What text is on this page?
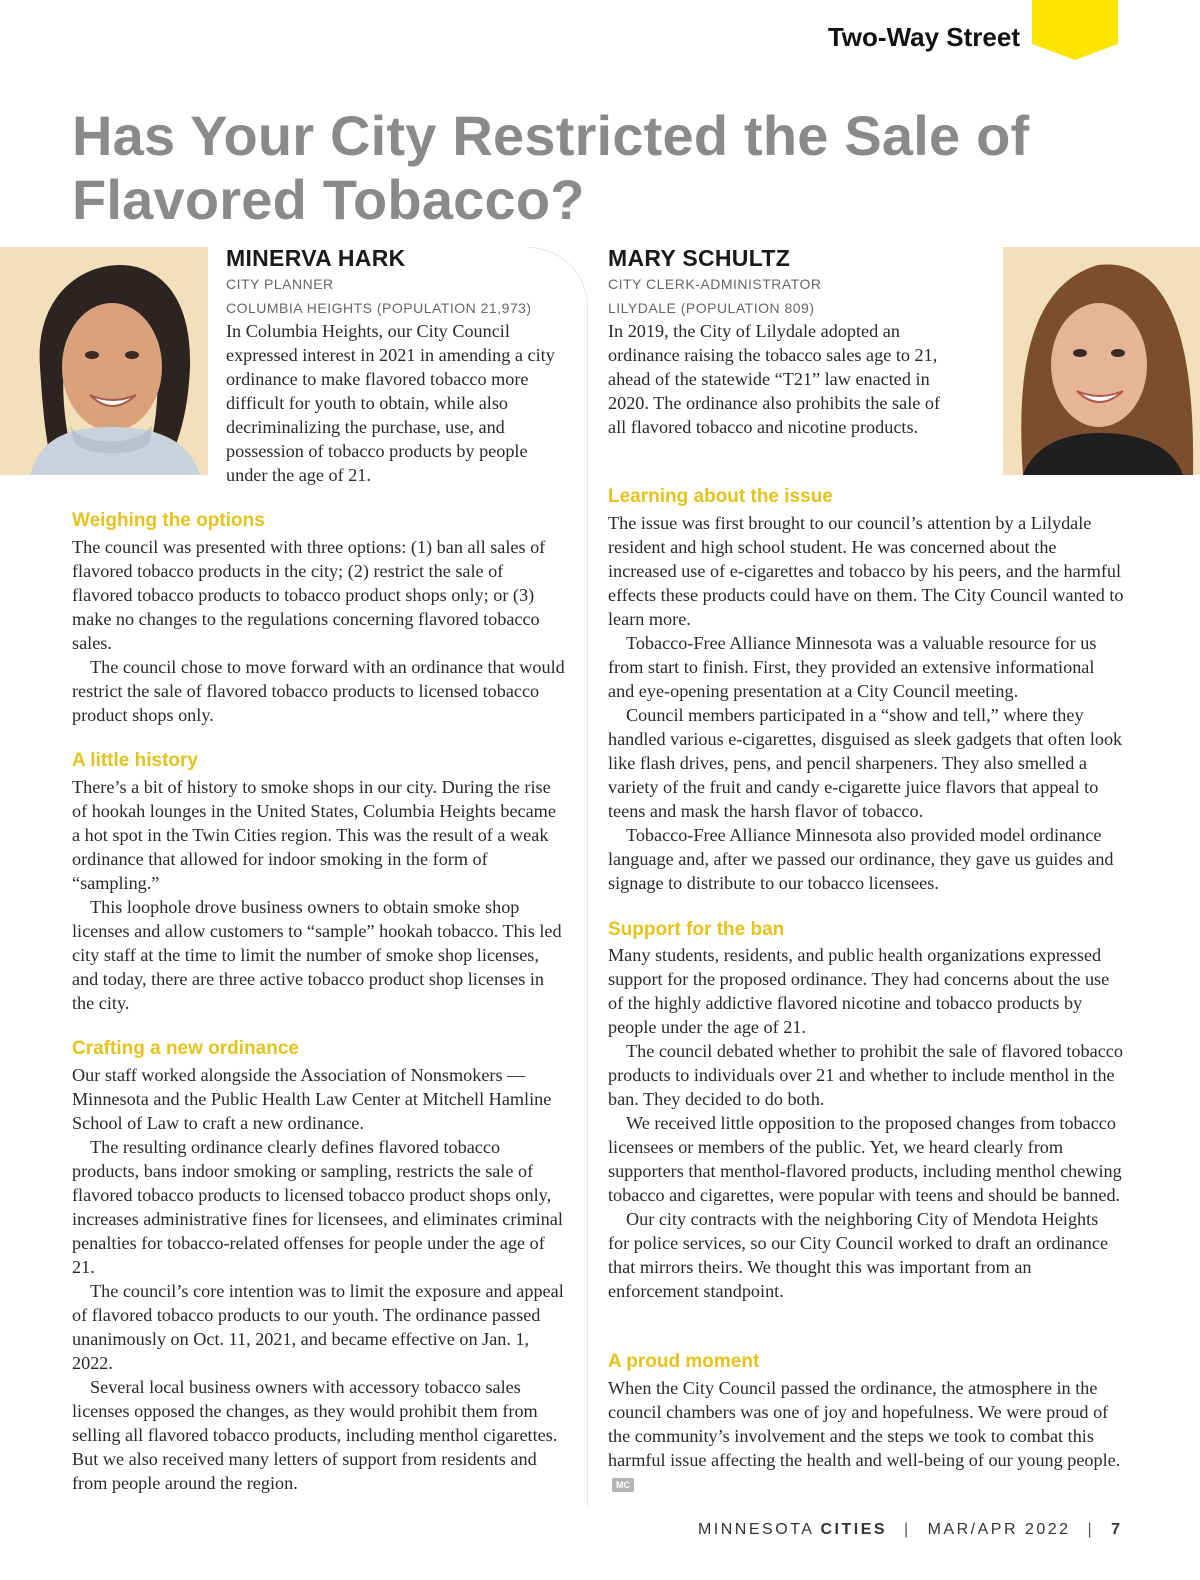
Two-Way Street
Has Your City Restricted the Sale of Flavored Tobacco?
MINERVA HARK
CITY PLANNER
COLUMBIA HEIGHTS (POPULATION 21,973)

In Columbia Heights, our City Council expressed interest in 2021 in amending a city ordinance to make flavored tobacco more difficult for youth to obtain, while also decriminalizing the purchase, use, and possession of tobacco products by people under the age of 21.

Weighing the options

The council was presented with three options: (1) ban all sales of flavored tobacco products in the city; (2) restrict the sale of flavored tobacco products to tobacco product shops only; or (3) make no changes to the regulations concerning flavored tobacco sales.

The council chose to move forward with an ordinance that would restrict the sale of flavored tobacco products to licensed tobacco product shops only.

A little history

There’s a bit of history to smoke shops in our city. During the rise of hookah lounges in the United States, Columbia Heights became a hot spot in the Twin Cities region. This was the result of a weak ordinance that allowed for indoor smoking in the form of “sampling.”

This loophole drove business owners to obtain smoke shop licenses and allow customers to “sample” hookah tobacco. This led city staff at the time to limit the number of smoke shop licenses, and today, there are three active tobacco product shop licenses in the city.

Crafting a new ordinance

Our staff worked alongside the Association of Nonsmokers — Minnesota and the Public Health Law Center at Mitchell Hamline School of Law to craft a new ordinance.

The resulting ordinance clearly defines flavored tobacco products, bans indoor smoking or sampling, restricts the sale of flavored tobacco products to licensed tobacco product shops only, increases administrative fines for licensees, and eliminates criminal penalties for tobacco-related offenses for people under the age of 21.

The council’s core intention was to limit the exposure and appeal of flavored tobacco products to our youth. The ordinance passed unanimously on Oct. 11, 2021, and became effective on Jan. 1, 2022.

Several local business owners with accessory tobacco sales licenses opposed the changes, as they would prohibit them from selling all flavored tobacco products, including menthol cigarettes. But we also received many letters of support from residents and from people around the region.

MARY SCHULTZ
CITY CLERK-ADMINISTRATOR
LILYDALE (POPULATION 809)

In 2019, the City of Lilydale adopted an ordinance raising the tobacco sales age to 21, ahead of the statewide “T21” law enacted in 2020. The ordinance also prohibits the sale of all flavored tobacco and nicotine products.

Learning about the issue

The issue was first brought to our council’s attention by a Lilydale resident and high school student. He was concerned about the increased use of e-cigarettes and tobacco by his peers, and the harmful effects these products could have on them. The City Council wanted to learn more.

Tobacco-Free Alliance Minnesota was a valuable resource for us from start to finish. First, they provided an extensive informational and eye-opening presentation at a City Council meeting.

Council members participated in a “show and tell,” where they handled various e-cigarettes, disguised as sleek gadgets that often look like flash drives, pens, and pencil sharpeners. They also smelled a variety of the fruit and candy e-cigarette juice flavors that appeal to teens and mask the harsh flavor of tobacco.

Tobacco-Free Alliance Minnesota also provided model ordinance language and, after we passed our ordinance, they gave us guides and signage to distribute to our tobacco licensees.

Support for the ban

Many students, residents, and public health organizations expressed support for the proposed ordinance. They had concerns about the use of the highly addictive flavored nicotine and tobacco products by people under the age of 21.

The council debated whether to prohibit the sale of flavored tobacco products to individuals over 21 and whether to include menthol in the ban. They decided to do both.

We received little opposition to the proposed changes from tobacco licensees or members of the public. Yet, we heard clearly from supporters that menthol-flavored products, including menthol chewing tobacco and cigarettes, were popular with teens and should be banned.

Our city contracts with the neighboring City of Mendota Heights for police services, so our City Council worked to draft an ordinance that mirrors theirs. We thought this was important from an enforcement standpoint.

A proud moment

When the City Council passed the ordinance, the atmosphere in the council chambers was one of joy and hopefulness. We were proud of the community’s involvement and the steps we took to combat this harmful issue affecting the health and well-being of our young people.MC

MINNESOTA CITIES | MAR/APR 2022 | 7
